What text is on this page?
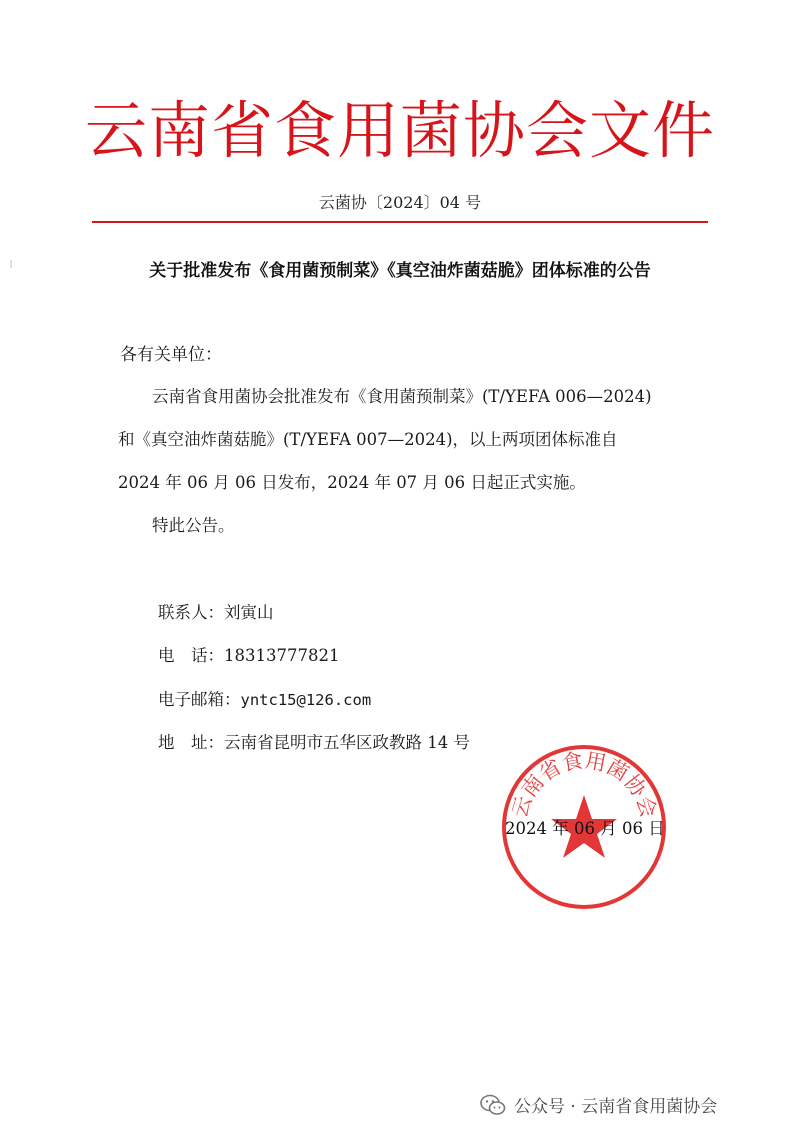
云南省食用菌协会文件
云菌协〔2024〕04 号
关于批准发布《食用菌预制菜》《真空油炸菌菇脆》团体标准的公告
各有关单位：
云南省食用菌协会批准发布《食用菌预制菜》(T/YEFA 006—2024)
和《真空油炸菌菇脆》(T/YEFA 007—2024)，以上两项团体标准自
2024 年 06 月 06 日发布，2024 年 07 月 06 日起正式实施。
特此公告。
联系人：刘寅山
电　话：18313777821
电子邮箱：yntc15@126.com
地　址：云南省昆明市五华区政教路 14 号
云南省食用菌协会
2024 年 06 月 06 日
公众号 · 云南省食用菌协会
